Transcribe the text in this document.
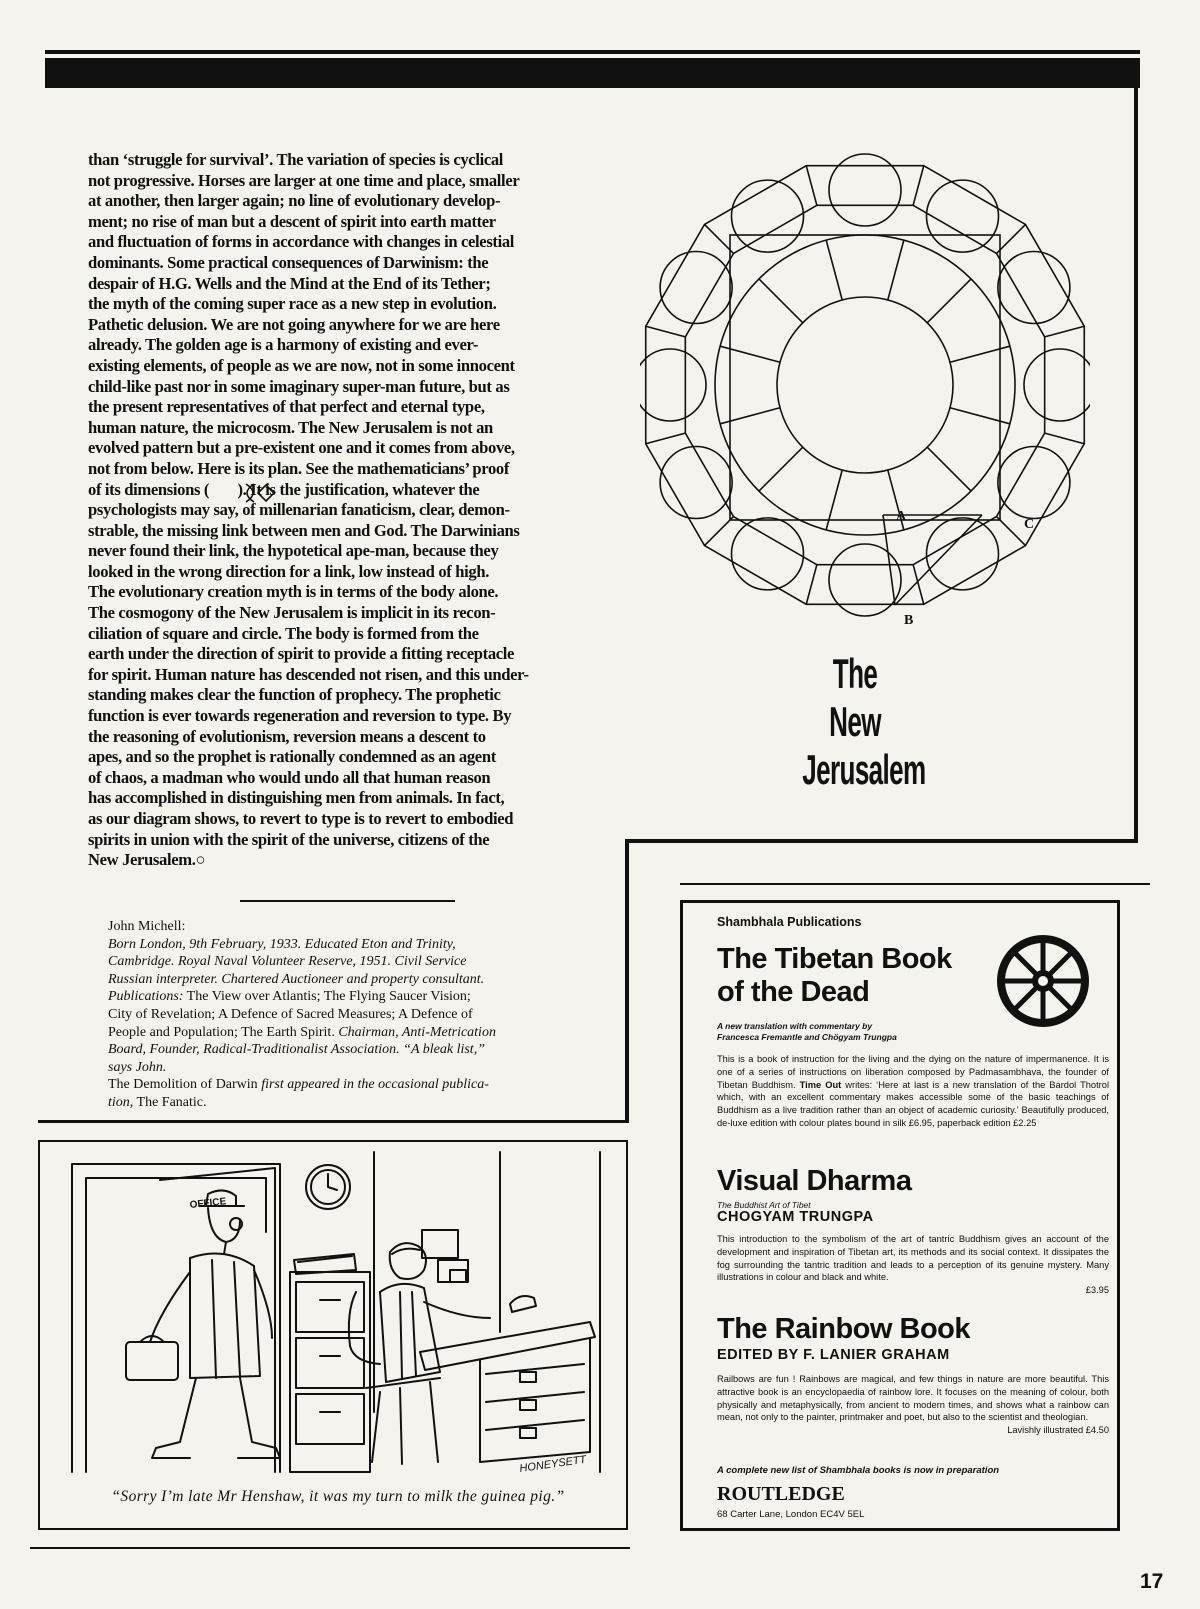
than ‘struggle for survival’. The variation of species is cyclical

not progressive. Horses are larger at one time and place, smaller

at another, then larger again; no line of evolutionary develop-

ment; no rise of man but a descent of spirit into earth matter

and fluctuation of forms in accordance with changes in celestial

dominants. Some practical consequences of Darwinism: the

despair of H.G. Wells and the Mind at the End of its Tether;

the myth of the coming super race as a new step in evolution.

Pathetic delusion. We are not going anywhere for we are here

already. The golden age is a harmony of existing and ever-

existing elements, of people as we are now, not in some innocent

child-like past nor in some imaginary super-man future, but as

the present representatives of that perfect and eternal type,

human nature, the microcosm. The New Jerusalem is not an

evolved pattern but a pre-existent one and it comes from above,

not from below. Here is its plan. See the mathematicians’ proof

of its dimensions (         ). It is the justification, whatever the

psychologists may say, of millenarian fanaticism, clear, demon-

strable, the missing link between men and God. The Darwinians

never found their link, the hypotetical ape-man, because they

looked in the wrong direction for a link, low instead of high.

The evolutionary creation myth is in terms of the body alone.

The cosmogony of the New Jerusalem is implicit in its recon-

ciliation of square and circle. The body is formed from the

earth under the direction of spirit to provide a fitting receptacle

for spirit. Human nature has descended not risen, and this under-

standing makes clear the function of prophecy. The prophetic

function is ever towards regeneration and reversion to type. By

the reasoning of evolutionism, reversion means a descent to

apes, and so the prophet is rationally condemned as an agent

of chaos, a madman who would undo all that human reason

has accomplished in distinguishing men from animals. In fact,

as our diagram shows, to revert to type is to revert to embodied

spirits in union with the spirit of the universe, citizens of the

New Jerusalem.○

A
B
C
The
New
Jerusalem
John Michell:
Born London, 9th February, 1933. Educated Eton and Trinity,
Cambridge. Royal Naval Volunteer Reserve, 1951. Civil Service
Russian interpreter. Chartered Auctioneer and property consultant.
Publications: The View over Atlantis; The Flying Saucer Vision;
City of Revelation; A Defence of Sacred Measures; A Defence of
People and Population; The Earth Spirit. Chairman, Anti-Metrication
Board, Founder, Radical-Traditionalist Association. “A bleak list,”
says John.
The Demolition of Darwin first appeared in the occasional publica-
tion, The Fanatic.
OFFICE
HONEYSETT
“Sorry I’m late Mr Henshaw, it was my turn to milk the guinea pig.”
Shambhala Publications
The Tibetan Book
of the Dead
A new translation with commentary by
Francesca Fremantle and Chögyam Trungpa
This is a book of instruction for the living and the dying on the nature of impermanence. It is one of a series of instructions on liberation composed by Padmasambhava, the founder of Tibetan Buddhism. Time Out writes: ‘Here at last is a new translation of the Bardol Thotrol which, with an excellent commentary makes accessible some of the basic teachings of Buddhism as a live tradition rather than an object of academic curiosity.’ Beautifully produced, de-luxe edition with colour plates bound in silk £6.95, paperback edition £2.25
Visual Dharma
The Buddhist Art of Tibet
CHOGYAM TRUNGPA
This introduction to the symbolism of the art of tantric Buddhism gives an account of the development and inspiration of Tibetan art, its methods and its social context. It dissipates the fog surrounding the tantric tradition and leads to a perception of its genuine mystery. Many illustrations in colour and black and white.
£3.95
The Rainbow Book
EDITED BY F. LANIER GRAHAM
Railbows are fun ! Rainbows are magical, and few things in nature are more beautiful. This attractive book is an encyclopaedia of rainbow lore. It focuses on the meaning of colour, both physically and metaphysically, from ancient to modern times, and shows what a rainbow can mean, not only to the painter, printmaker and poet, but also to the scientist and theologian.
Lavishly illustrated £4.50
A complete new list of Shambhala books is now in preparation
ROUTLEDGE
68 Carter Lane, London EC4V 5EL
17
